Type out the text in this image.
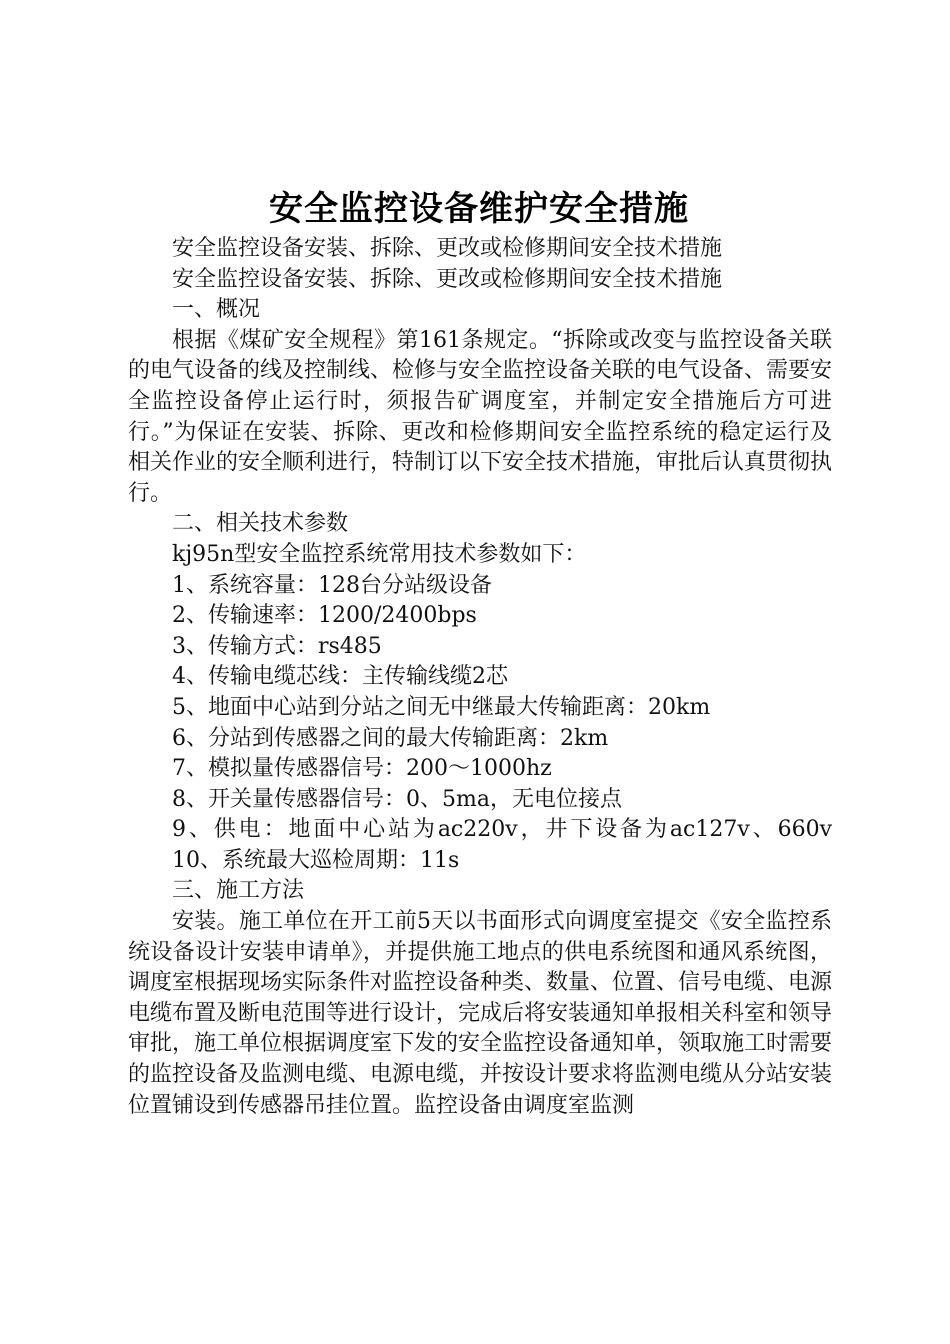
安全监控设备维护安全措施

安全监控设备安装、拆除、更改或检修期间安全技术措施

安全监控设备安装、拆除、更改或检修期间安全技术措施

一、概况

根据《煤矿安全规程》第161条规定。“拆除或改变与监控设备关联的电气设备的线及控制线、检修与安全监控设备关联的电气设备、需要安全监控设备停止运行时，须报告矿调度室，并制定安全措施后方可进行。”为保证在安装、拆除、更改和检修期间安全监控系统的稳定运行及相关作业的安全顺利进行，特制订以下安全技术措施，审批后认真贯彻执行。

二、相关技术参数

kj95n型安全监控系统常用技术参数如下：

1、系统容量：128台分站级设备

2、传输速率：1200/2400bps

3、传输方式：rs485

4、传输电缆芯线：主传输线缆2芯

5、地面中心站到分站之间无中继最大传输距离：20km

6、分站到传感器之间的最大传输距离：2km

7、模拟量传感器信号：200～1000hz

8、开关量传感器信号：0、5ma，无电位接点

9、供电：地面中心站为ac220v，井下设备为ac127v、660v

10、系统最大巡检周期：11s

三、施工方法

安装。施工单位在开工前5天以书面形式向调度室提交《安全监控系统设备设计安装申请单》，并提供施工地点的供电系统图和通风系统图，调度室根据现场实际条件对监控设备种类、数量、位置、信号电缆、电源电缆布置及断电范围等进行设计，完成后将安装通知单报相关科室和领导审批，施工单位根据调度室下发的安全监控设备通知单，领取施工时需要的监控设备及监测电缆、电源电缆，并按设计要求将监测电缆从分站安装位置铺设到传感器吊挂位置。监控设备由调度室监测
